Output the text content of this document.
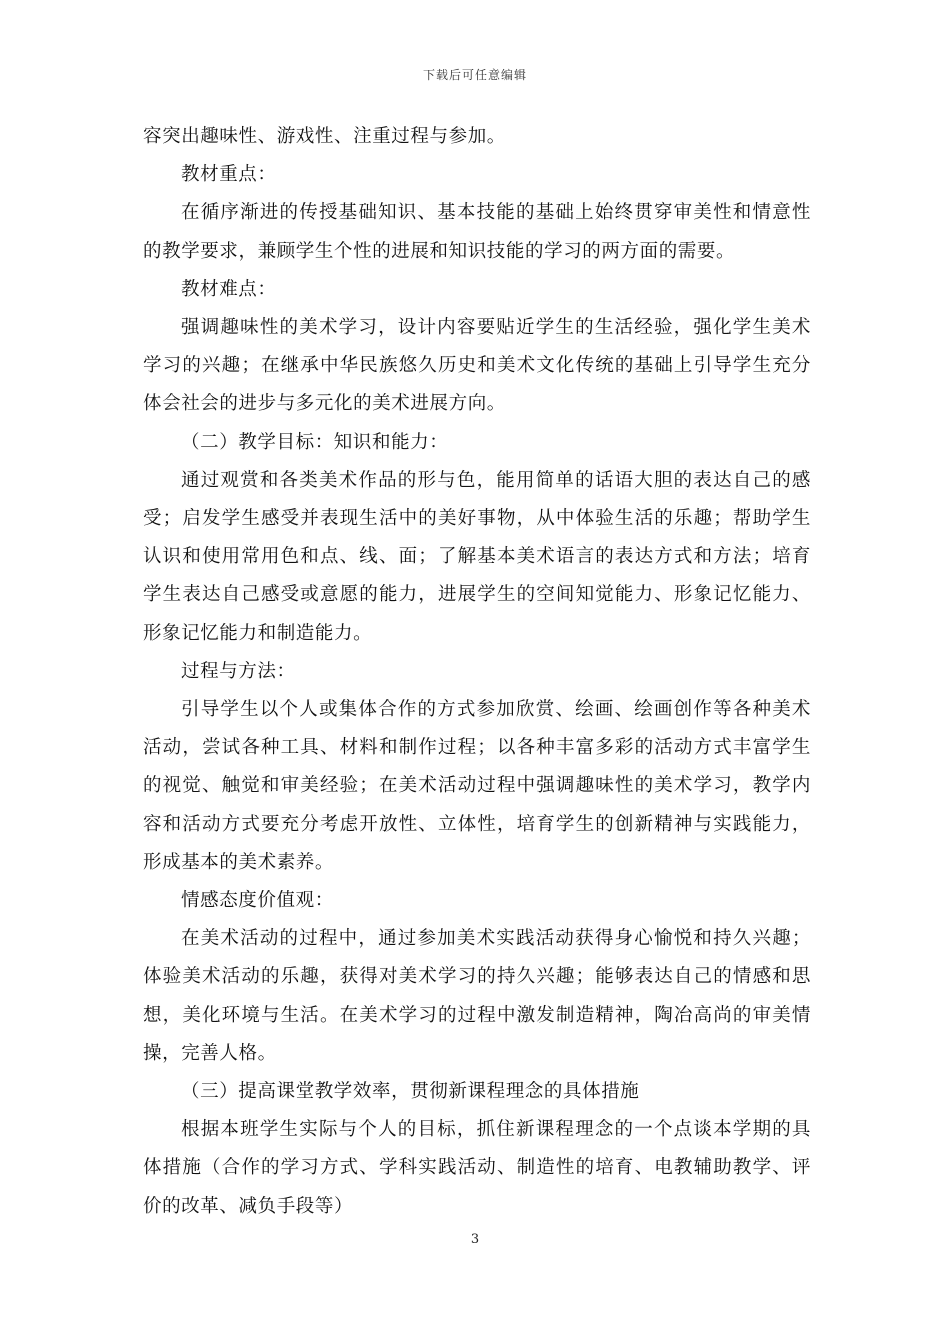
下载后可任意编辑

容突出趣味性、游戏性、注重过程与参加。

教材重点：

在循序渐进的传授基础知识、基本技能的基础上始终贯穿审美性和情意性的教学要求，兼顾学生个性的进展和知识技能的学习的两方面的需要。

教材难点：

强调趣味性的美术学习，设计内容要贴近学生的生活经验，强化学生美术学习的兴趣；在继承中华民族悠久历史和美术文化传统的基础上引导学生充分体会社会的进步与多元化的美术进展方向。

（二）教学目标：知识和能力：

通过观赏和各类美术作品的形与色，能用简单的话语大胆的表达自己的感受；启发学生感受并表现生活中的美好事物，从中体验生活的乐趣；帮助学生认识和使用常用色和点、线、面；了解基本美术语言的表达方式和方法；培育学生表达自己感受或意愿的能力，进展学生的空间知觉能力、形象记忆能力、形象记忆能力和制造能力。

过程与方法：

引导学生以个人或集体合作的方式参加欣赏、绘画、绘画创作等各种美术活动，尝试各种工具、材料和制作过程；以各种丰富多彩的活动方式丰富学生的视觉、触觉和审美经验；在美术活动过程中强调趣味性的美术学习，教学内容和活动方式要充分考虑开放性、立体性，培育学生的创新精神与实践能力，形成基本的美术素养。

情感态度价值观：

在美术活动的过程中，通过参加美术实践活动获得身心愉悦和持久兴趣；体验美术活动的乐趣，获得对美术学习的持久兴趣；能够表达自己的情感和思想，美化环境与生活。在美术学习的过程中激发制造精神，陶冶高尚的审美情操，完善人格。

（三）提高课堂教学效率，贯彻新课程理念的具体措施

根据本班学生实际与个人的目标，抓住新课程理念的一个点谈本学期的具体措施（合作的学习方式、学科实践活动、制造性的培育、电教辅助教学、评价的改革、减负手段等）

3
